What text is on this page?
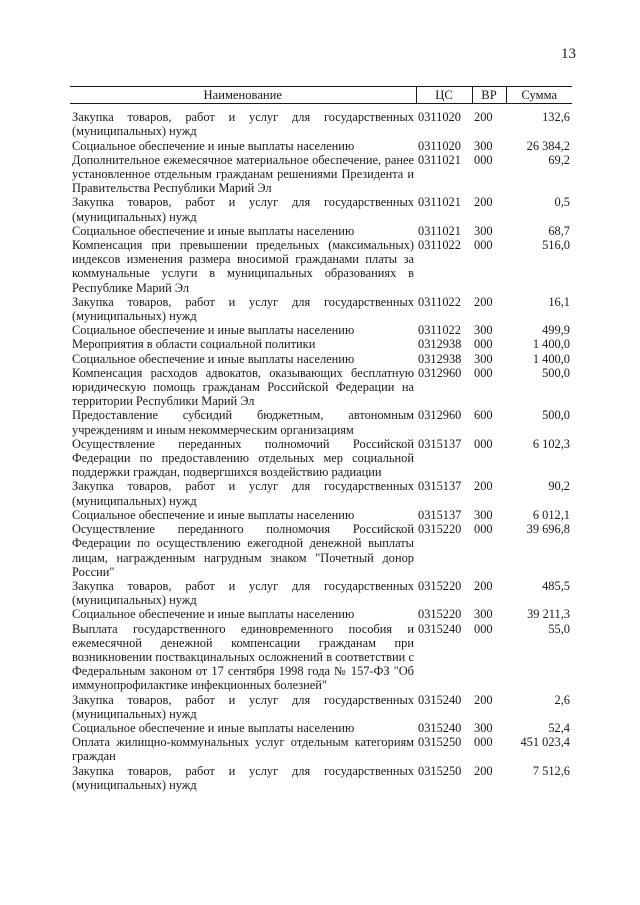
13
Наименование	ЦС	ВР	Сумма
Закупка товаров, работ и услуг для государственных (муниципальных) нужд	0311020	200	132,6
Социальное обеспечение и иные выплаты населению	0311020	300	26 384,2
Дополнительное ежемесячное материальное обеспечение, ранее установленное отдельным гражданам решениями Президента и Правительства Республики Марий Эл	0311021	000	69,2
Закупка товаров, работ и услуг для государственных (муниципальных) нужд	0311021	200	0,5
Социальное обеспечение и иные выплаты населению	0311021	300	68,7
Компенсация при превышении предельных (максимальных) индексов изменения размера вносимой гражданами платы за коммунальные услуги в муниципальных образованиях в Республике Марий Эл	0311022	000	516,0
Закупка товаров, работ и услуг для государственных (муниципальных) нужд	0311022	200	16,1
Социальное обеспечение и иные выплаты населению	0311022	300	499,9
Мероприятия в области социальной политики	0312938	000	1 400,0
Социальное обеспечение и иные выплаты населению	0312938	300	1 400,0
Компенсация расходов адвокатов, оказывающих бесплатную юридическую помощь гражданам Российской Федерации на территории Республики Марий Эл	0312960	000	500,0
Предоставление субсидий бюджетным, автономным учреждениям и иным некоммерческим организациям	0312960	600	500,0
Осуществление переданных полномочий Российской Федерации по предоставлению отдельных мер социальной поддержки граждан, подвергшихся воздействию радиации	0315137	000	6 102,3
Закупка товаров, работ и услуг для государственных (муниципальных) нужд	0315137	200	90,2
Социальное обеспечение и иные выплаты населению	0315137	300	6 012,1
Осуществление переданного полномочия Российской Федерации по осуществлению ежегодной денежной выплаты лицам, награжденным нагрудным знаком "Почетный донор России"	0315220	000	39 696,8
Закупка товаров, работ и услуг для государственных (муниципальных) нужд	0315220	200	485,5
Социальное обеспечение и иные выплаты населению	0315220	300	39 211,3
Выплата государственного единовременного пособия и ежемесячной денежной компенсации гражданам при возникновении поствакцинальных осложнений в соответствии с Федеральным законом от 17 сентября 1998 года № 157-ФЗ "Об иммунопрофилактике инфекционных болезней"	0315240	000	55,0
Закупка товаров, работ и услуг для государственных (муниципальных) нужд	0315240	200	2,6
Социальное обеспечение и иные выплаты населению	0315240	300	52,4
Оплата жилищно-коммунальных услуг отдельным категориям граждан	0315250	000	451 023,4
Закупка товаров, работ и услуг для государственных (муниципальных) нужд	0315250	200	7 512,6
